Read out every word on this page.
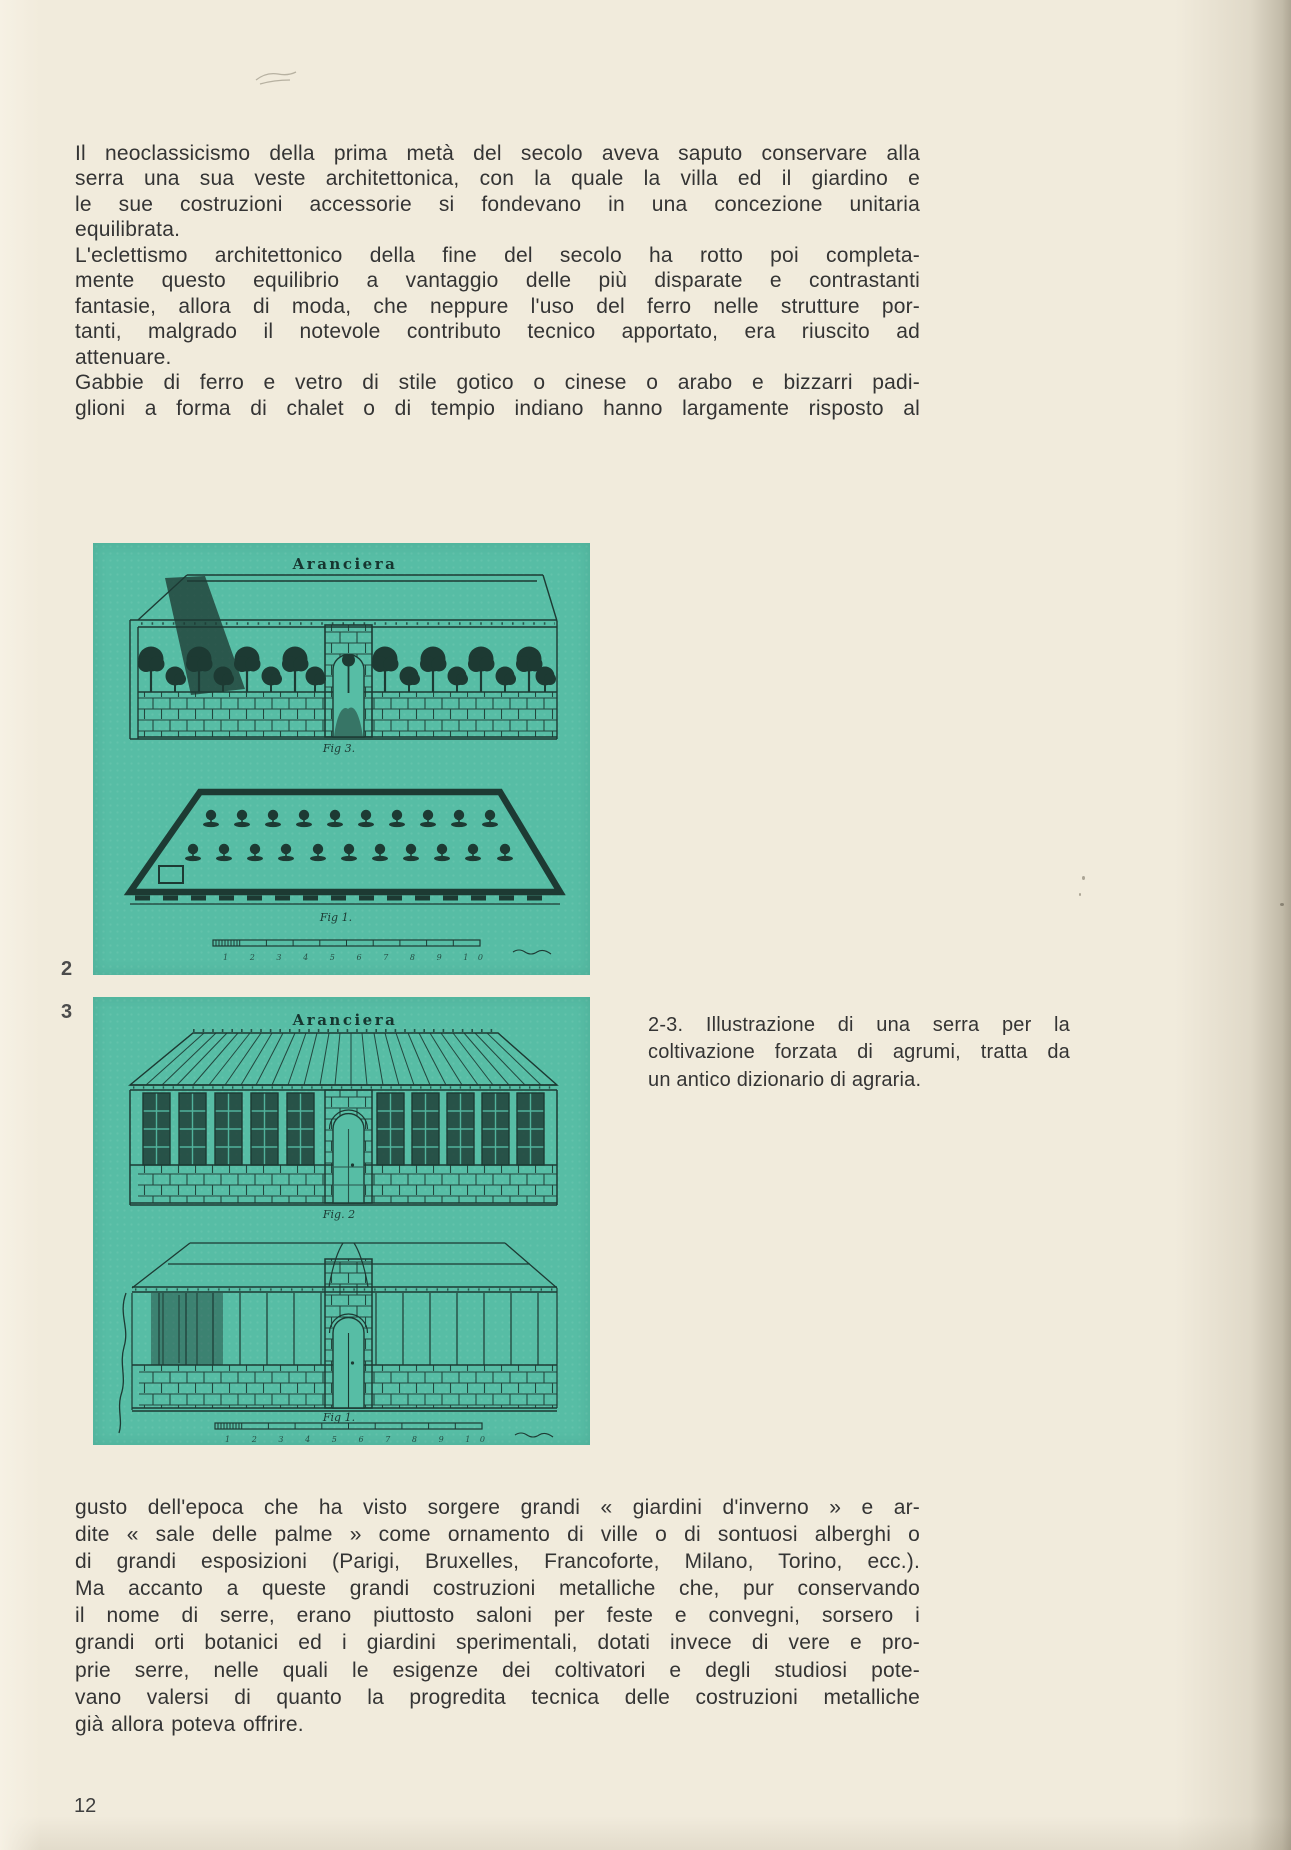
Il neoclassicismo della prima metà del secolo aveva saputo conservare alla
serra una sua veste architettonica, con la quale la villa ed il giardino e
le sue costruzioni accessorie si fondevano in una concezione unitaria
equilibrata.
L'eclettismo architettonico della fine del secolo ha rotto poi completa-
mente questo equilibrio a vantaggio delle più disparate e contrastanti
fantasie, allora di moda, che neppure l'uso del ferro nelle strutture por-
tanti, malgrado il notevole contributo tecnico apportato, era riuscito ad
attenuare.
Gabbie di ferro e vetro di stile gotico o cinese o arabo e bizzarri padi-
glioni a forma di chalet o di tempio indiano hanno largamente risposto al
Aranciera
Fig 3.
Fig 1.
1 2 3 4 5 6 7 8 9 10
2
3	Aranciera
Fig. 2
Fig 1.
1 2 3 4 5 6 7 8 9 10
2-3. Illustrazione di una serra per la
coltivazione forzata di agrumi, tratta da
un antico dizionario di agraria.
gusto dell'epoca che ha visto sorgere grandi « giardini d'inverno » e ar-
dite « sale delle palme » come ornamento di ville o di sontuosi alberghi o
di grandi esposizioni (Parigi, Bruxelles, Francoforte, Milano, Torino, ecc.).
Ma accanto a queste grandi costruzioni metalliche che, pur conservando
il nome di serre, erano piuttosto saloni per feste e convegni, sorsero i
grandi orti botanici ed i giardini sperimentali, dotati invece di vere e pro-
prie serre, nelle quali le esigenze dei coltivatori e degli studiosi pote-
vano valersi di quanto la progredita tecnica delle costruzioni metalliche
già allora poteva offrire.
12
